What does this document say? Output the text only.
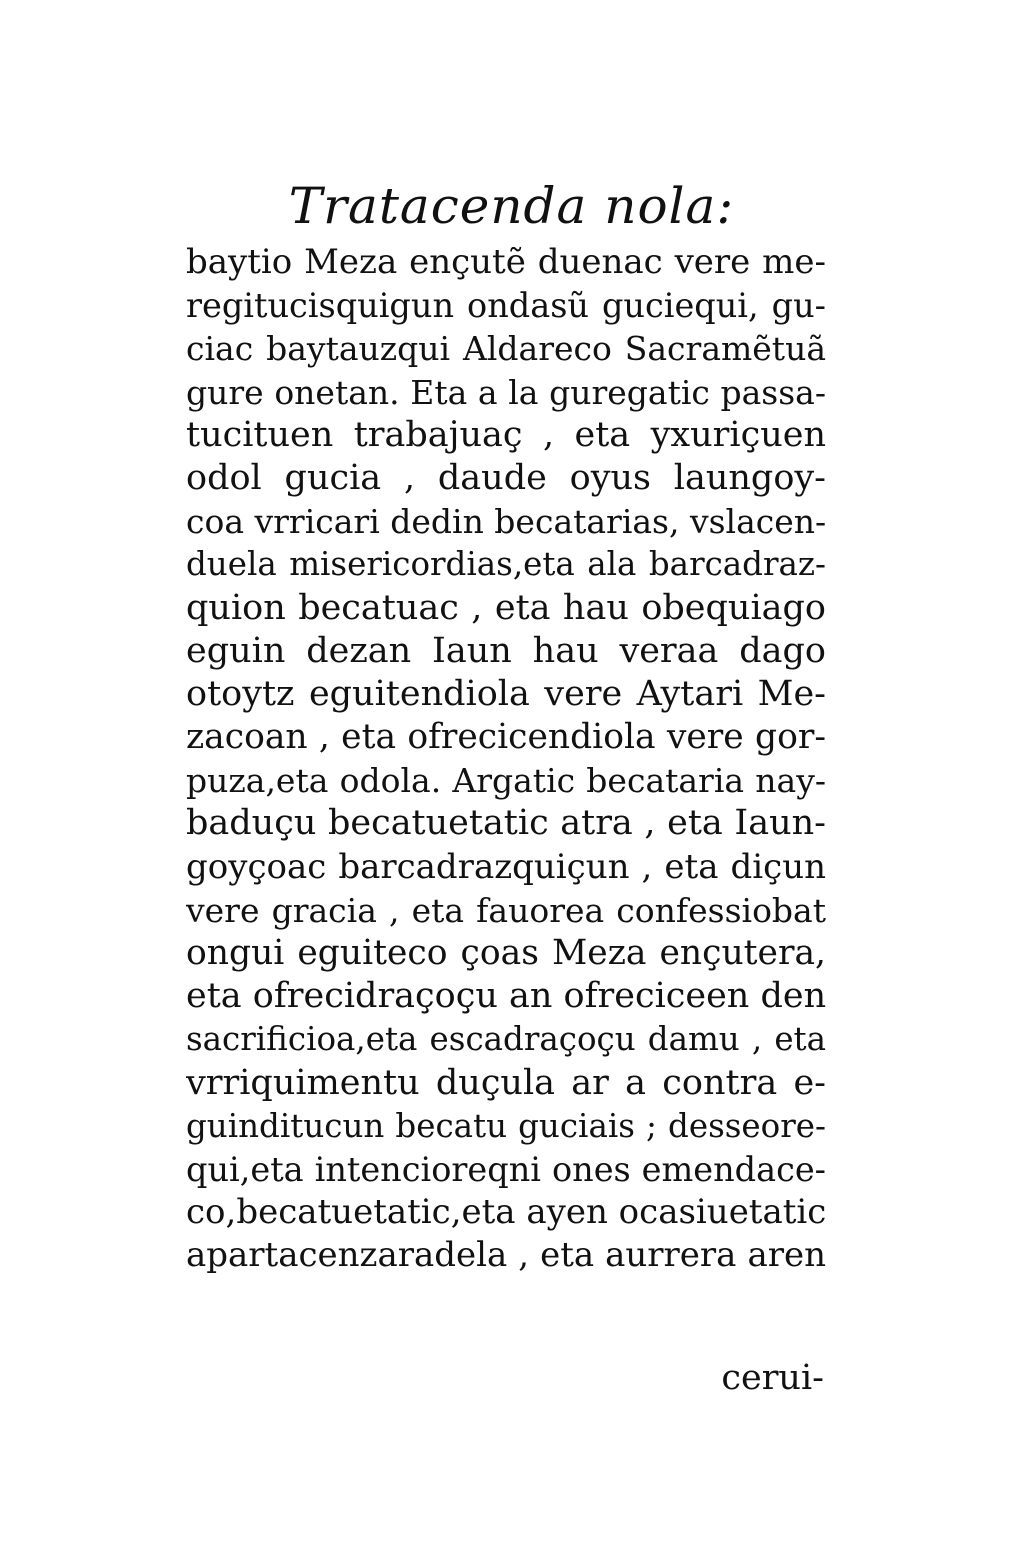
Tratacenda nola:
baytio Meza ençutẽ duenac vere me-
regitucisquigun ondasũ guciequi, gu-
ciac baytauzqui Aldareco Sacramẽtuã
gure onetan. Eta a la guregatic passa-
tucituen trabajuaç , eta yxuriçuen
odol gucia , daude oyus laungoy-
coa vrricari dedin becatarias, vslacen-
duela misericordias,eta ala barcadraz-
quion becatuac , eta hau obequiago
eguin dezan Iaun hau veraa dago
otoytz eguitendiola vere Aytari Me-
zacoan , eta ofrecicendiola vere gor-
puza,eta odola. Argatic becataria nay-
baduçu becatuetatic atra , eta Iaun-
goyçoac barcadrazquiçun , eta diçun
vere gracia , eta fauorea confessiobat
ongui eguiteco çoas Meza ençutera,
eta ofrecidraçoçu an ofreciceen den
sacrificioa,eta escadraçoçu damu , eta
vrriquimentu duçula ar a contra e-
guinditucun becatu guciais ; desseore-
qui,eta intencioreqni ones emendace-
co,becatuetatic,eta ayen ocasiuetatic
apartacenzaradela , eta aurrera aren
cerui-
